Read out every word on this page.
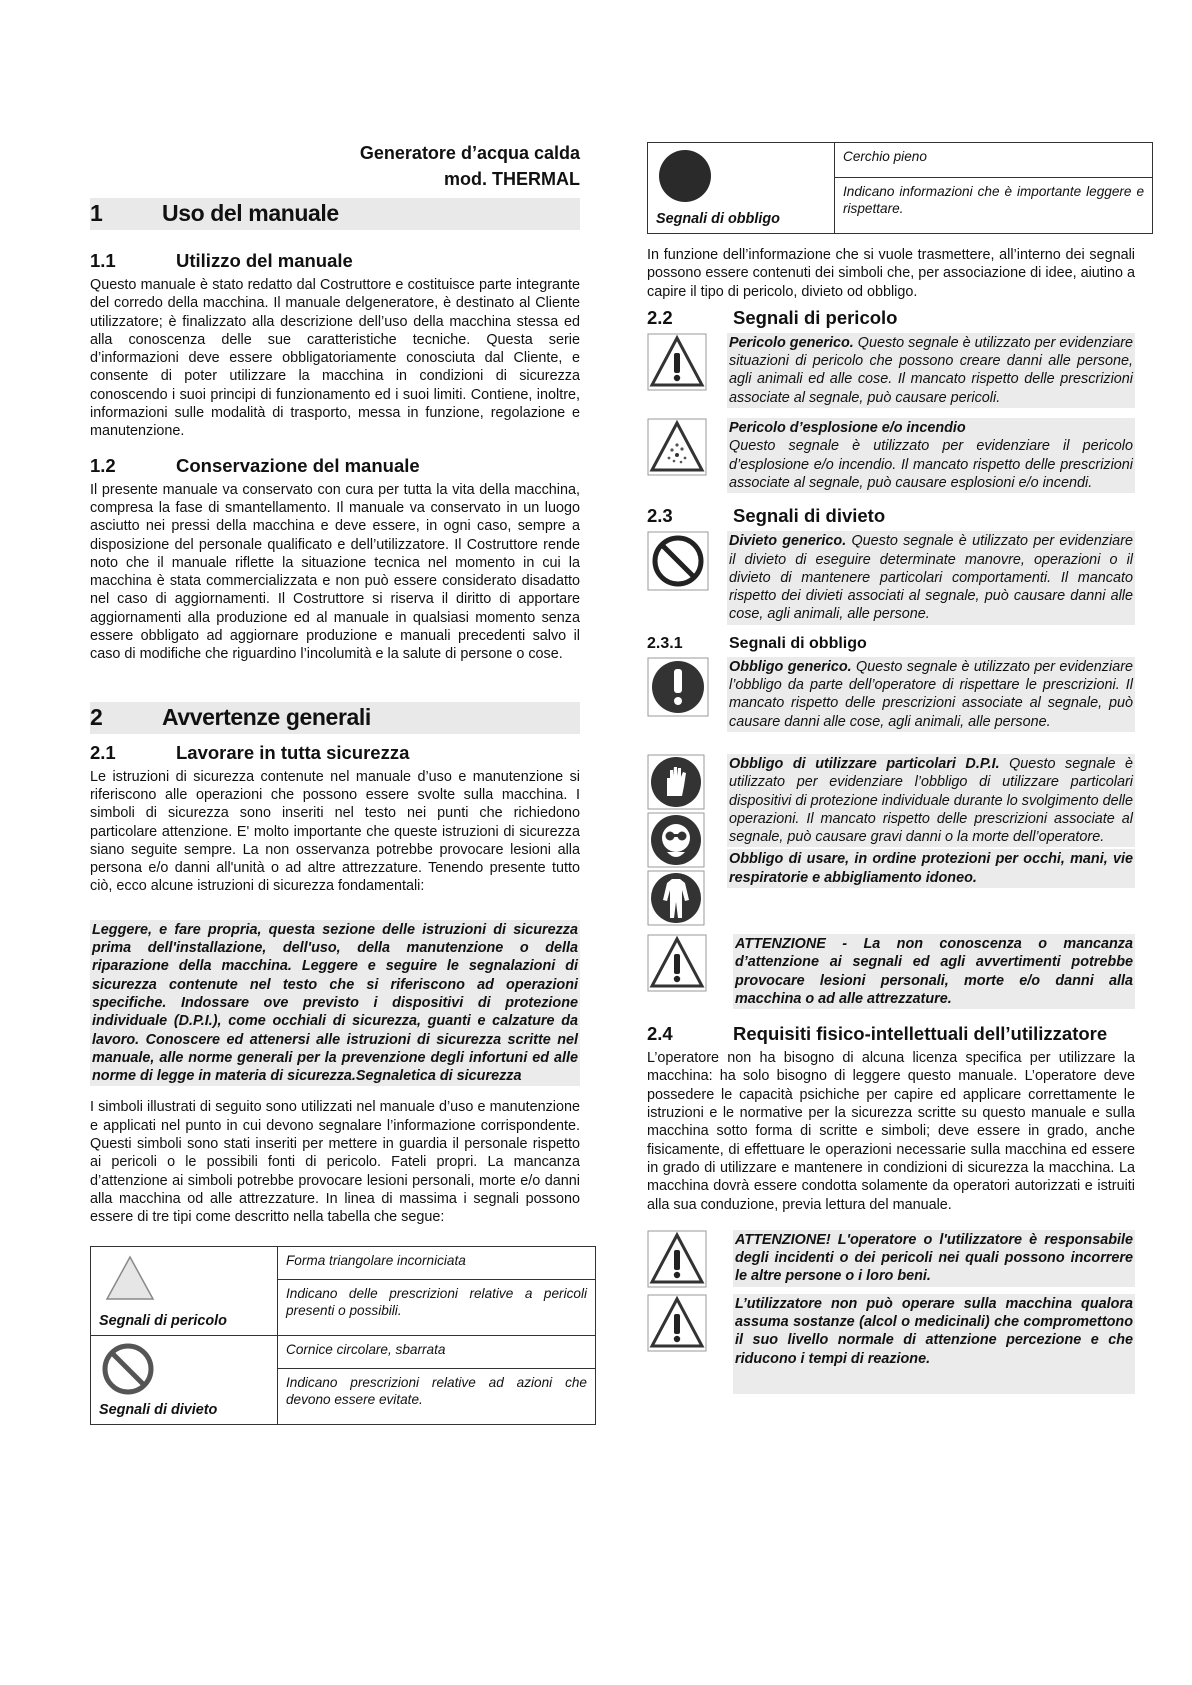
Generatore d’acqua calda
mod. THERMAL
1	Uso del manuale
1.1	Utilizzo del manuale

Questo manuale è stato redatto dal Costruttore e costituisce parte integrante del corredo della macchina. Il manuale delgeneratore, è destinato al Cliente utilizzatore; è finalizzato alla descrizione dell’uso della macchina stessa ed alla conoscenza delle sue caratteristiche tecniche. Questa serie d’informazioni deve essere obbligatoriamente conosciuta dal Cliente, e consente di poter utilizzare la macchina in condizioni di sicurezza conoscendo i suoi principi di funzionamento ed i suoi limiti. Contiene, inoltre, informazioni sulle modalità di trasporto, messa in funzione, regolazione e manutenzione.

1.2	Conservazione del manuale

Il presente manuale va conservato con cura per tutta la vita della macchina, compresa la fase di smantellamento. Il manuale va conservato in un luogo asciutto nei pressi della macchina e deve essere, in ogni caso, sempre a disposizione del personale qualificato e dell’utilizzatore. Il Costruttore rende noto che il manuale riflette la situazione tecnica nel momento in cui la macchina è stata commercializzata e non può essere considerato disadatto nel caso di aggiornamenti. Il Costruttore si riserva il diritto di apportare aggiornamenti alla produzione ed al manuale in qualsiasi momento senza essere obbligato ad aggiornare produzione e manuali precedenti salvo il caso di modifiche che riguardino l’incolumità e la salute di persone o cose.

2	Avvertenze generali
2.1	Lavorare in tutta sicurezza

Le istruzioni di sicurezza contenute nel manuale d’uso e manutenzione si riferiscono alle operazioni che possono essere svolte sulla macchina. I simboli di sicurezza sono inseriti nel testo nei punti che richiedono particolare attenzione. E' molto importante che queste istruzioni di sicurezza siano seguite sempre. La non osservanza potrebbe provocare lesioni alla persona e/o danni all'unità o ad altre attrezzature. Tenendo presente tutto ciò, ecco alcune istruzioni di sicurezza fondamentali:

Leggere, e fare propria, questa sezione delle istruzioni di sicurezza prima dell'installazione, dell'uso, della manutenzione o della riparazione della macchina. Leggere e seguire le segnalazioni di sicurezza contenute nel testo che si riferiscono ad operazioni specifiche. Indossare ove previsto i dispositivi di protezione individuale (D.P.I.), come occhiali di sicurezza, guanti e calzature da lavoro. Conoscere ed attenersi alle istruzioni di sicurezza scritte nel manuale, alle norme generali per la prevenzione degli infortuni ed alle norme di legge in materia di sicurezza.Segnaletica di sicurezza

I simboli illustrati di seguito sono utilizzati nel manuale d’uso e manutenzione e applicati nel punto in cui devono segnalare l’informazione corrispondente. Questi simboli sono stati inseriti per mettere in guardia il personale rispetto ai pericoli o le possibili fonti di pericolo. Fateli propri. La mancanza d’attenzione ai simboli potrebbe provocare lesioni personali, morte e/o danni alla macchina od alle attrezzature. In linea di massima i segnali possono essere di tre tipi come descritto nella tabella che segue:

Segnali di pericolo	Forma triangolare incorniciata
	Indicano delle prescrizioni relative a pericoli presenti o possibili.

Segnali di divieto	Cornice circolare, sbarrata
	Indicano prescrizioni relative ad azioni che devono essere evitate.
Segnali di obbligo
	Cerchio pieno
Indicano informazioni che è importante leggere e rispettare.

In funzione dell’informazione che si vuole trasmettere, all’interno dei segnali possono essere contenuti dei simboli che, per associazione di idee, aiutino a capire il tipo di pericolo, divieto od obbligo.

2.2	Segnali di pericolo
Pericolo generico. Questo segnale è utilizzato per evidenziare situazioni di pericolo che possono creare danni alle persone, agli animali ed alle cose. Il mancato rispetto delle prescrizioni associate al segnale, può causare pericoli.
Pericolo d’esplosione e/o incendio
Questo segnale è utilizzato per evidenziare il pericolo d’esplosione e/o incendio. Il mancato rispetto delle prescrizioni associate al segnale, può causare esplosioni e/o incendi.
2.3	Segnali di divieto
Divieto generico. Questo segnale è utilizzato per evidenziare il divieto di eseguire determinate manovre, operazioni o il divieto di mantenere particolari comportamenti. Il mancato rispetto dei divieti associati al segnale, può causare danni alle cose, agli animali, alle persone.
2.3.1	Segnali di obbligo
Obbligo generico. Questo segnale è utilizzato per evidenziare l’obbligo da parte dell’operatore di rispettare le prescrizioni. Il mancato rispetto delle prescrizioni associate al segnale, può causare danni alle cose, agli animali, alle persone.
Obbligo di utilizzare particolari D.P.I. Questo segnale è utilizzato per evidenziare l’obbligo di utilizzare particolari dispositivi di protezione individuale durante lo svolgimento delle operazioni. Il mancato rispetto delle prescrizioni associate al segnale, può causare gravi danni o la morte dell’operatore.
Obbligo di usare, in ordine protezioni per occhi, mani, vie respiratorie e abbigliamento idoneo.
ATTENZIONE - La non conoscenza o mancanza d’attenzione ai segnali ed agli avvertimenti potrebbe provocare lesioni personali, morte e/o danni alla macchina o ad alle attrezzature.
2.4	Requisiti fisico-intellettuali dell’utilizzatore

L’operatore non ha bisogno di alcuna licenza specifica per utilizzare la macchina: ha solo bisogno di leggere questo manuale. L’operatore deve possedere le capacità psichiche per capire ed applicare correttamente le istruzioni e le normative per la sicurezza scritte su questo manuale e sulla macchina sotto forma di scritte e simboli; deve essere in grado, anche fisicamente, di effettuare le operazioni necessarie sulla macchina ed essere in grado di utilizzare e mantenere in condizioni di sicurezza la macchina. La macchina dovrà essere condotta solamente da operatori autorizzati e istruiti alla sua conduzione, previa lettura del manuale.

ATTENZIONE! L'operatore o l'utilizzatore è responsabile degli incidenti o dei pericoli nei quali possono incorrere le altre persone o i loro beni.
L’utilizzatore non può operare sulla macchina qualora assuma sostanze (alcol o medicinali) che compromettono il suo livello normale di attenzione percezione e che riducono i tempi di reazione.
